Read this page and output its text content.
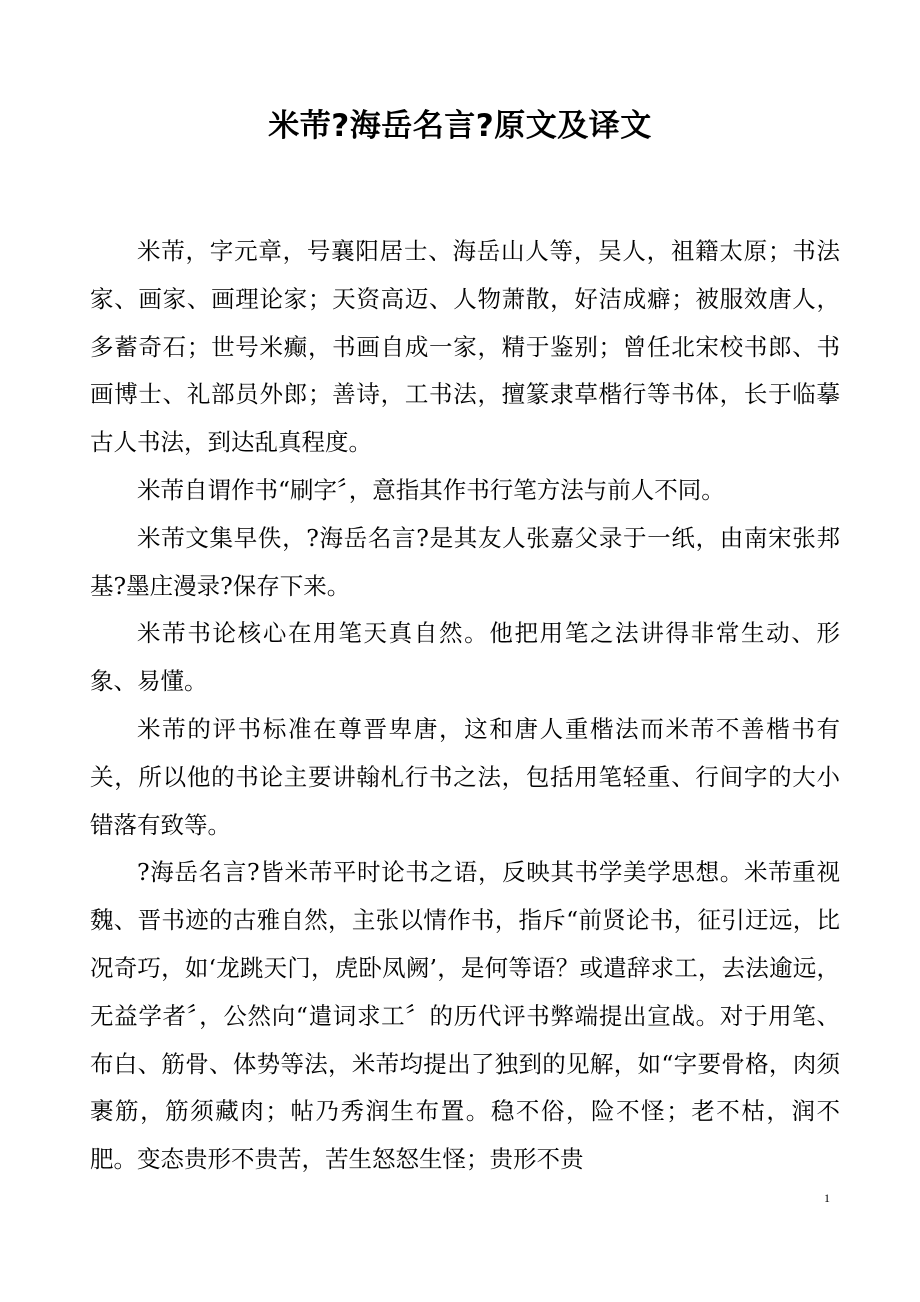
米芾?海岳名言?原文及译文

米芾，字元章，号襄阳居士、海岳山人等，吴人，祖籍太原；书法家、画家、画理论家；天资高迈、人物萧散，好洁成癖；被服效唐人，多蓄奇石；世号米癫，书画自成一家，精于鉴别；曾任北宋校书郎、书画博士、礼部员外郎；善诗，工书法，擅篆隶草楷行等书体，长于临摹古人书法，到达乱真程度。

米芾自谓作书“刷字〞，意指其作书行笔方法与前人不同。

米芾文集早佚，?海岳名言?是其友人张嘉父录于一纸，由南宋张邦基?墨庄漫录?保存下来。

米芾书论核心在用笔天真自然。他把用笔之法讲得非常生动、形象、易懂。

米芾的评书标准在尊晋卑唐，这和唐人重楷法而米芾不善楷书有关，所以他的书论主要讲翰札行书之法，包括用笔轻重、行间字的大小错落有致等。

?海岳名言?皆米芾平时论书之语，反映其书学美学思想。米芾重视魏、晋书迹的古雅自然，主张以情作书，指斥“前贤论书，征引迂远，比况奇巧，如‘龙跳天门，虎卧凤阙’，是何等语？或遣辞求工，去法逾远，无益学者〞，公然向“遣词求工〞的历代评书弊端提出宣战。对于用笔、布白、筋骨、体势等法，米芾均提出了独到的见解，如“字要骨格，肉须裹筋，筋须藏肉；帖乃秀润生布置。稳不俗，险不怪；老不枯，润不肥。变态贵形不贵苦，苦生怒怒生怪；贵形不贵

1
